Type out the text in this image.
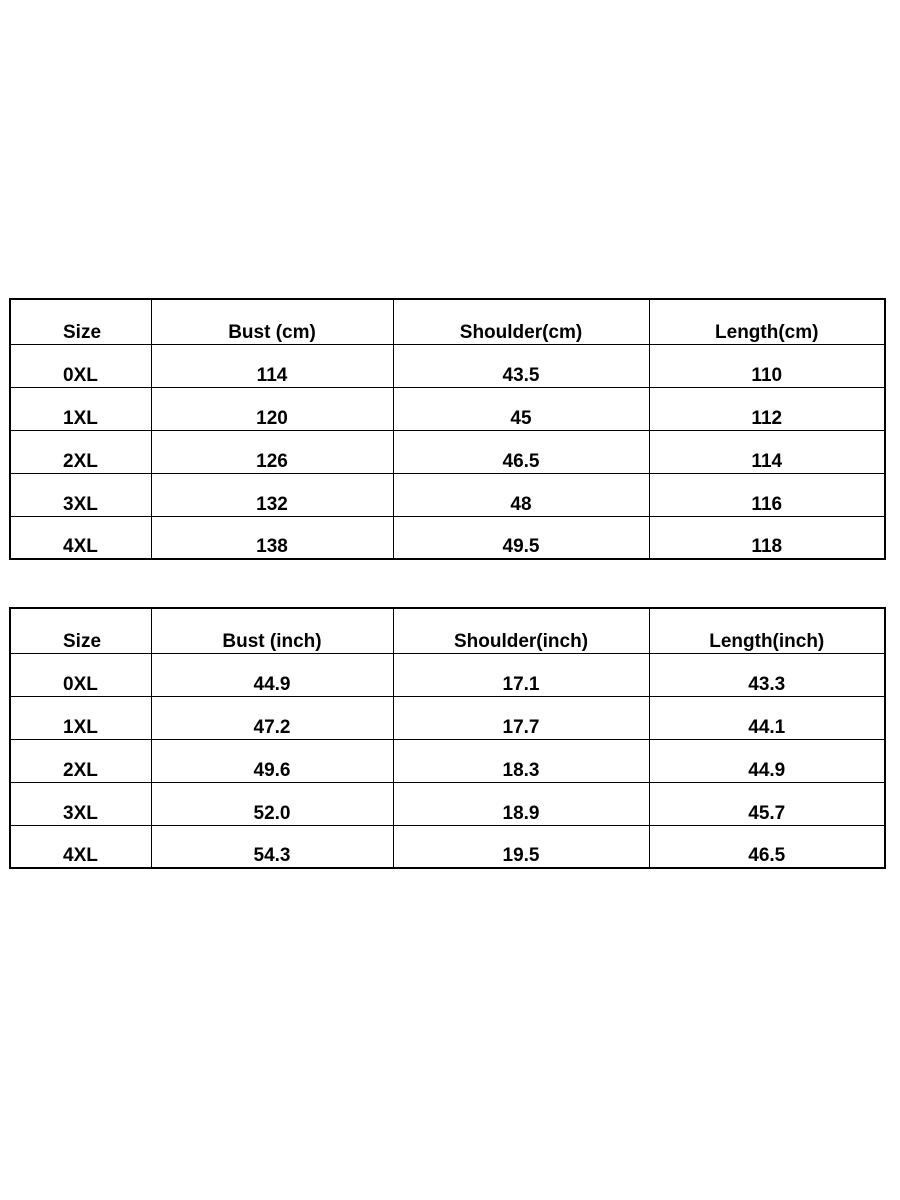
Size	Bust (cm)	Shoulder(cm)	Length(cm)
0XL	114	43.5	110
1XL	120	45	112
2XL	126	46.5	114
3XL	132	48	116
4XL	138	49.5	118
Size	Bust (inch)	Shoulder(inch)	Length(inch)
0XL	44.9	17.1	43.3
1XL	47.2	17.7	44.1
2XL	49.6	18.3	44.9
3XL	52.0	18.9	45.7
4XL	54.3	19.5	46.5
